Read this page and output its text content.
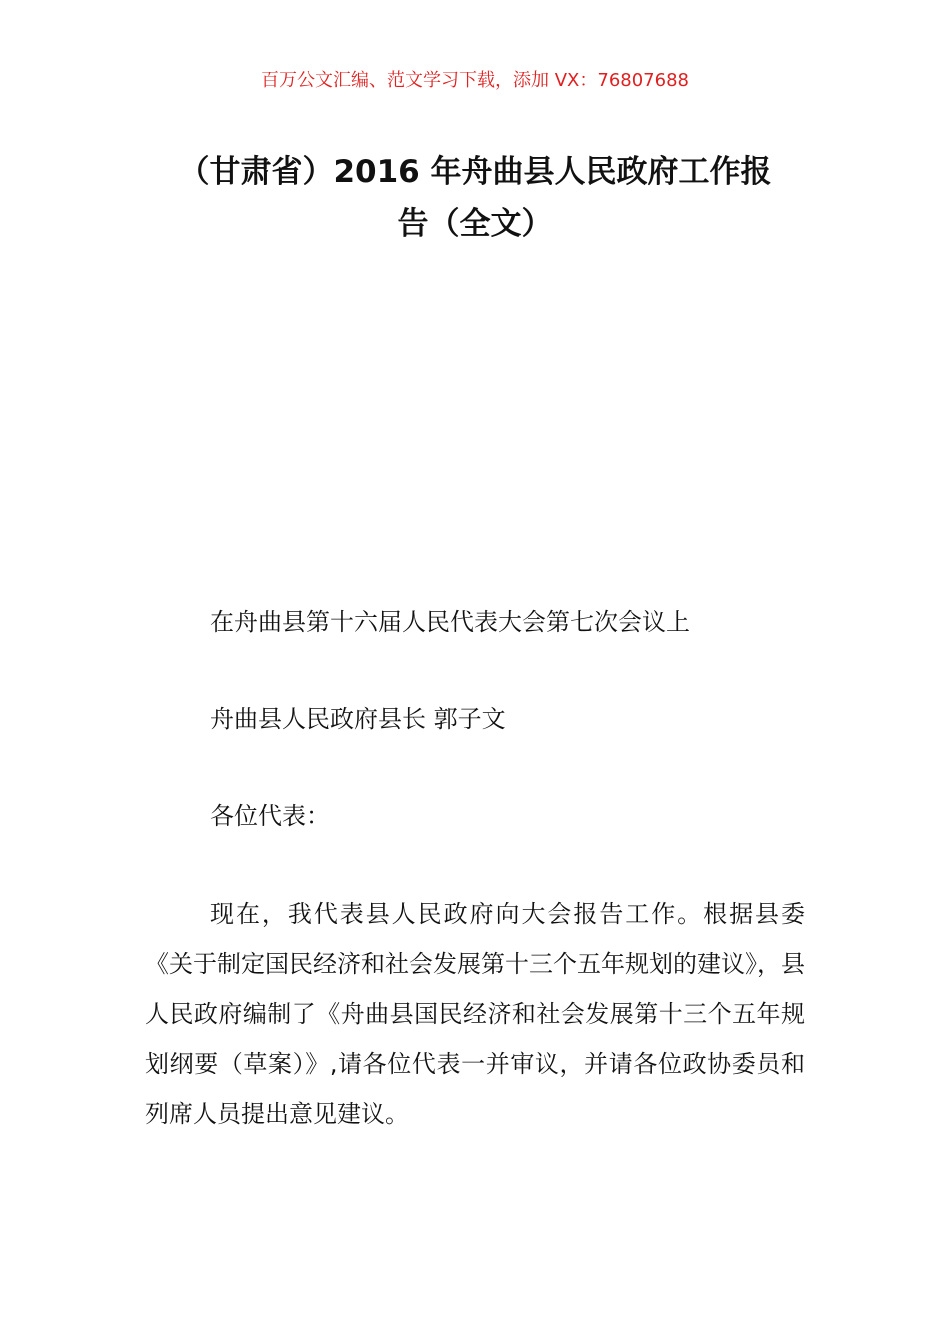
百万公文汇编、范文学习下载，添加 VX：76807688
（甘肃省）2016 年舟曲县人民政府工作报
告（全文）
在舟曲县第十六届人民代表大会第七次会议上
舟曲县人民政府县长 郭子文
各位代表：

现在，我代表县人民政府向大会报告工作。根据县委《关于制定国民经济和社会发展第十三个五年规划的建议》，县人民政府编制了《舟曲县国民经济和社会发展第十三个五年规划纲要（草案）》,请各位代表一并审议，并请各位政协委员和列席人员提出意见建议。
